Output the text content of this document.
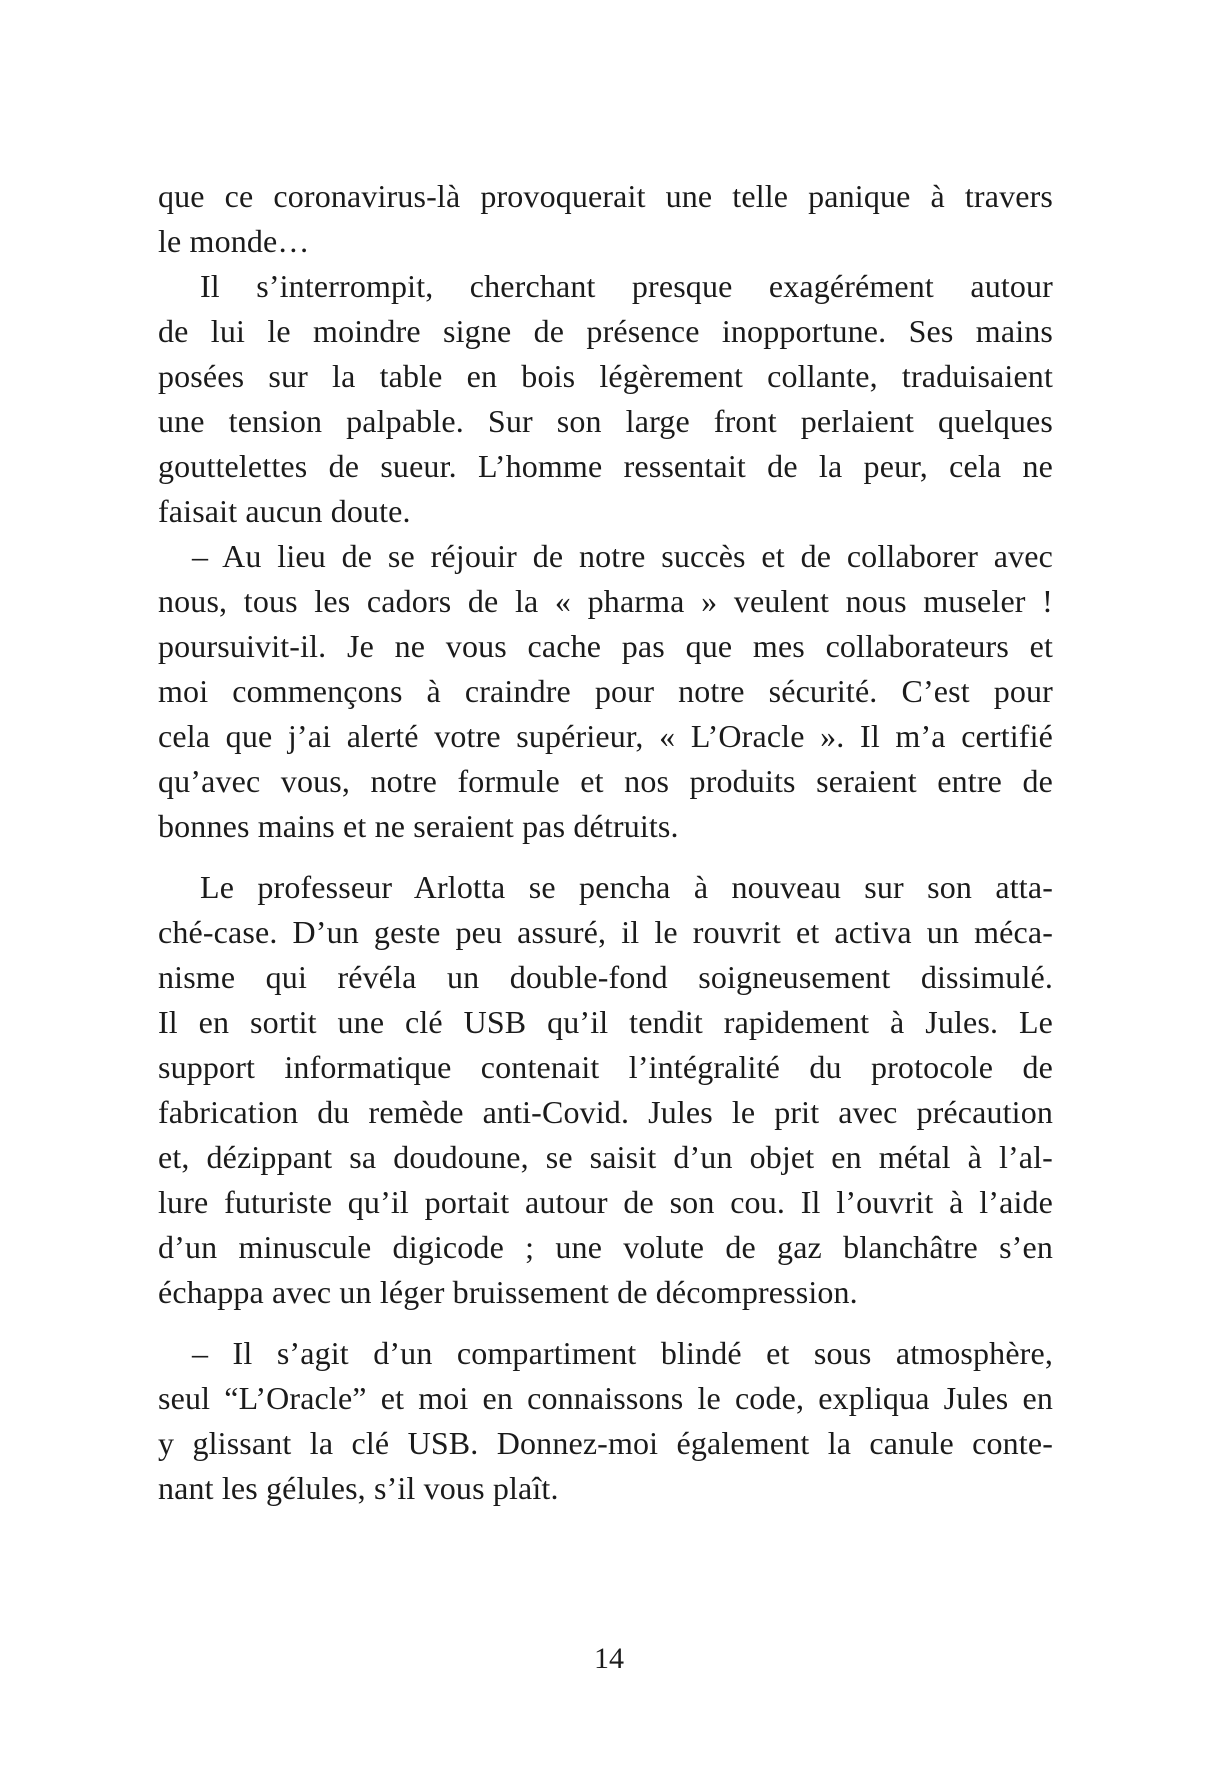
que ce coronavirus-là provoquerait une telle panique à travers
le monde…
Il s’interrompit, cherchant presque exagérément autour
de lui le moindre signe de présence inopportune. Ses mains
posées sur la table en bois légèrement collante, traduisaient
une tension palpable. Sur son large front perlaient quelques
gouttelettes de sueur. L’homme ressentait de la peur, cela ne
faisait aucun doute.
– Au lieu de se réjouir de notre succès et de collaborer avec
nous, tous les cadors de la « pharma » veulent nous museler !
poursuivit-il. Je ne vous cache pas que mes collaborateurs et
moi commençons à craindre pour notre sécurité. C’est pour
cela que j’ai alerté votre supérieur, « L’Oracle ». Il m’a certifié
qu’avec vous, notre formule et nos produits seraient entre de
bonnes mains et ne seraient pas détruits.
Le professeur Arlotta se pencha à nouveau sur son atta-
ché-case. D’un geste peu assuré, il le rouvrit et activa un méca-
nisme qui révéla un double-fond soigneusement dissimulé.
Il en sortit une clé USB qu’il tendit rapidement à Jules. Le
support informatique contenait l’intégralité du protocole de
fabrication du remède anti-Covid. Jules le prit avec précaution
et, dézippant sa doudoune, se saisit d’un objet en métal à l’al-
lure futuriste qu’il portait autour de son cou. Il l’ouvrit à l’aide
d’un minuscule digicode ; une volute de gaz blanchâtre s’en
échappa avec un léger bruissement de décompression.
– Il s’agit d’un compartiment blindé et sous atmosphère,
seul “L’Oracle” et moi en connaissons le code, expliqua Jules en
y glissant la clé USB. Donnez-moi également la canule conte-
nant les gélules, s’il vous plaît.
14
